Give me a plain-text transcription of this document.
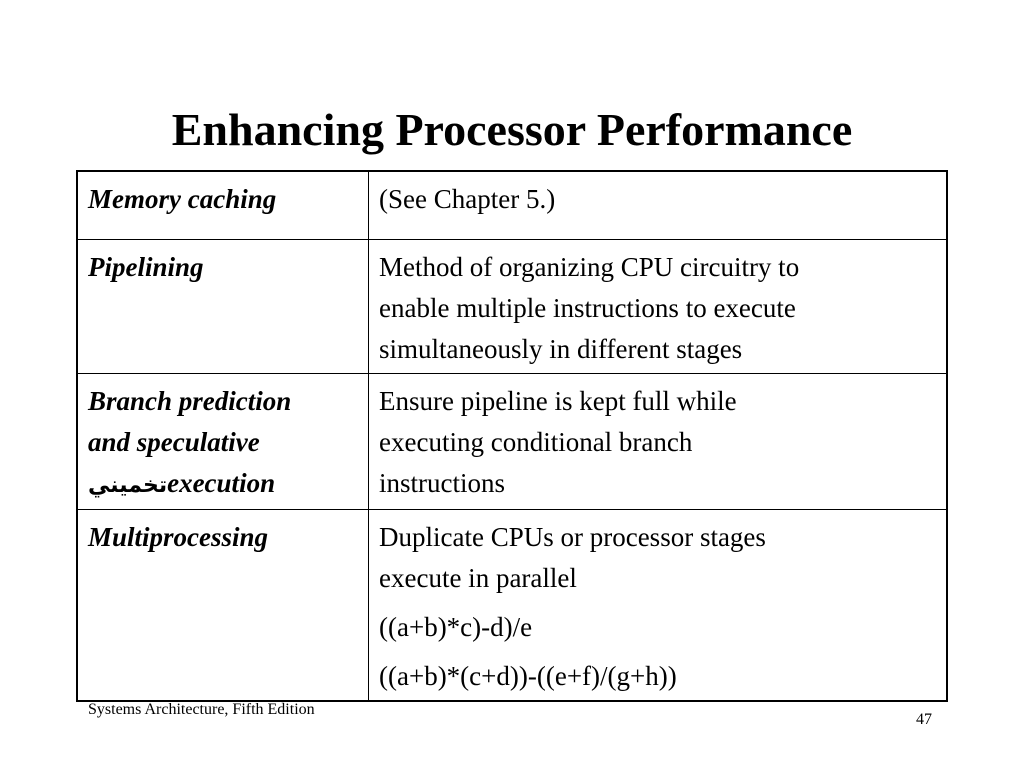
Enhancing Processor Performance
Memory caching	(See Chapter 5.)

Pipelining	Method of organizing CPU circuitry to
enable multiple instructions to execute
simultaneously in different stages

Branch prediction
and speculative
تخمينيexecution	Ensure pipeline is kept full while
executing conditional branch
instructions

Multiprocessing	Duplicate CPUs or processor stages
execute in parallel
((a+b)*c)-d)/e
((a+b)*(c+d))-((e+f)/(g+h))
Systems Architecture, Fifth Edition
47
